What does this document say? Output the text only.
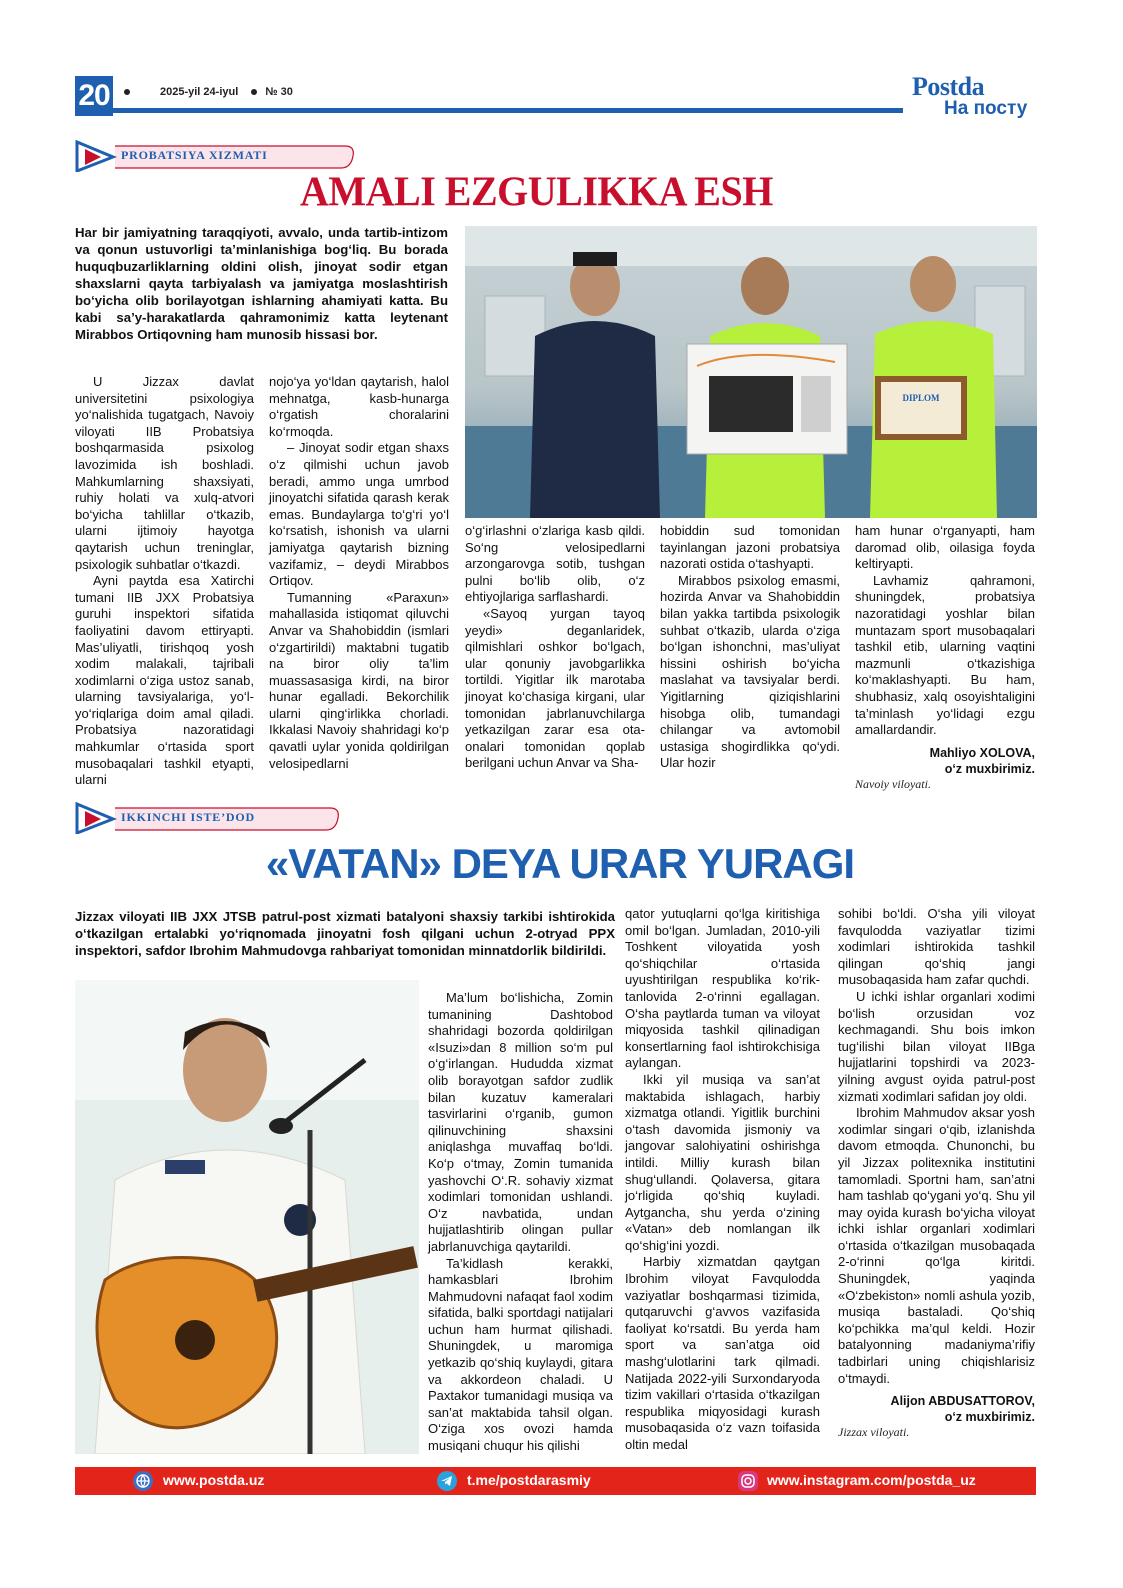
20	2025-yil 24-iyul № 30	Postda
На посту
PROBATSIYA XIZMATI
AMALI EZGULIKKA ESH
Har bir jamiyatning taraqqiyoti, avvalo, unda tartib-intizom va qonun ustuvorligi ta’minlanishiga bog‘liq. Bu borada huquqbuzarliklarning oldini olish, jinoyat sodir etgan shaxslarni qayta tarbiyalash va jamiyatga moslashtirish bo‘yicha olib borilayotgan ishlarning ahamiyati katta. Bu kabi sa’y-harakatlarda qahramonimiz katta leytenant Mirabbos Ortiqovning ham munosib hissasi bor.
DIPLOM

U Jizzax davlat universitetini psixologiya yo‘nalishida tugatgach, Navoiy viloyati IIB Probatsiya boshqarmasida psixolog lavozimida ish boshladi. Mahkumlarning shaxsiyati, ruhiy holati va xulq-atvori bo‘yicha tahlillar o‘tkazib, ularni ijtimoiy hayotga qaytarish uchun treninglar, psixologik suhbatlar o‘tkazdi.

Ayni paytda esa Xatirchi tumani IIB JXX Probatsiya guruhi inspektori sifatida faoliyatini davom ettiryapti. Mas’uliyatli, tirishqoq yosh xodim malakali, tajribali xodimlarni o‘ziga ustoz sanab, ularning tavsiyalariga, yo‘l-yo‘riqlariga doim amal qiladi. Probatsiya nazoratidagi mahkumlar o‘rtasida sport musobaqalari tashkil etyapti, ularni

nojo‘ya yo‘ldan qaytarish, halol mehnatga, kasb-hunarga o‘rgatish choralarini ko‘rmoqda.

– Jinoyat sodir etgan shaxs o‘z qilmishi uchun javob beradi, ammo unga umrbod jinoyatchi sifatida qarash kerak emas. Bundaylarga to‘g‘ri yo‘l ko‘rsatish, ishonish va ularni jamiyatga qaytarish bizning vazifamiz, – deydi Mirabbos Ortiqov.

Tumanning «Paraxun» mahallasida istiqomat qiluvchi Anvar va Shahobiddin (ismlari o‘zgartirildi) maktabni tugatib na biror oliy ta’lim muassasasiga kirdi, na biror hunar egalladi. Bekorchilik ularni qing‘irlikka chorladi. Ikkalasi Navoiy shahridagi ko‘p qavatli uylar yonida qoldirilgan velosipedlarni

o‘g‘irlashni o‘zlariga kasb qildi. So‘ng velosipedlarni arzongarovga sotib, tushgan pulni bo‘lib olib, o‘z ehtiyojlariga sarflashardi.

«Sayoq yurgan tayoq yeydi» deganlaridek, qilmishlari oshkor bo‘lgach, ular qonuniy javobgarlikka tortildi. Yigitlar ilk marotaba jinoyat ko‘chasiga kirgani, ular tomonidan jabrlanuvchilarga yetkazilgan zarar esa ota-onalari tomonidan qoplab berilgani uchun Anvar va Sha-

hobiddin sud tomonidan tayinlangan jazoni probatsiya nazorati ostida o‘tashyapti.

Mirabbos psixolog emasmi, hozirda Anvar va Shahobiddin bilan yakka tartibda psixologik suhbat o‘tkazib, ularda o‘ziga bo‘lgan ishonchni, mas’uliyat hissini oshirish bo‘yicha maslahat va tavsiyalar berdi. Yigitlarning qiziqishlarini hisobga olib, tumandagi chilangar va avtomobil ustasiga shogirdlikka qo‘ydi. Ular hozir

ham hunar o‘rganyapti, ham daromad olib, oilasiga foyda keltiryapti.

Lavhamiz qahramoni, shuningdek, probatsiya nazoratidagi yoshlar bilan muntazam sport musobaqalari tashkil etib, ularning vaqtini mazmunli o‘tkazishiga ko‘maklashyapti. Bu ham, shubhasiz, xalq osoyishtaligini ta’minlash yo‘lidagi ezgu amallardandir.

Mahliyo XOLOVA,
o‘z muxbirimiz.
Navoiy viloyati.
IKKINCHI ISTE’DOD
«VATAN» DEYA URAR YURAGI
Jizzax viloyati IIB JXX JTSB patrul-post xizmati batalyoni shaxsiy tarkibi ishtirokida o‘tkazilgan ertalabki yo‘riqnomada jinoyatni fosh qilgani uchun 2-otryad PPX inspektori, safdor Ibrohim Mahmudovga rahbariyat tomonidan minnatdorlik bildirildi.

Ma’lum bo‘lishicha, Zomin tumanining Dashtobod shahridagi bozorda qoldirilgan «Isuzi»dan 8 million so‘m pul o‘g‘irlangan. Hududda xizmat olib borayotgan safdor zudlik bilan kuzatuv kameralari tasvirlarini o‘rganib, gumon qilinuvchining shaxsini aniqlashga muvaffaq bo‘ldi. Ko‘p o‘tmay, Zomin tumanida yashovchi O‘.R. sohaviy xizmat xodimlari tomonidan ushlandi. O‘z navbatida, undan hujjatlashtirib olingan pullar jabrlanuvchiga qaytarildi.

Ta’kidlash kerakki, hamkasblari Ibrohim Mahmudovni nafaqat faol xodim sifatida, balki sportdagi natijalari uchun ham hurmat qilishadi. Shuningdek, u maromiga yetkazib qo‘shiq kuylaydi, gitara va akkordeon chaladi. U Paxtakor tumanidagi musiqa va san’at maktabida tahsil olgan. O‘ziga xos ovozi hamda musiqani chuqur his qilishi

qator yutuqlarni qo‘lga kiritishiga omil bo‘lgan. Jumladan, 2010-yili Toshkent viloyatida yosh qo‘shiqchilar o‘rtasida uyushtirilgan respublika ko‘rik-tanlovida 2-o‘rinni egallagan. O‘sha paytlarda tuman va viloyat miqyosida tashkil qilinadigan konsertlarning faol ishtirokchisiga aylangan.

Ikki yil musiqa va san’at maktabida ishlagach, harbiy xizmatga otlandi. Yigitlik burchini o‘tash davomida jismoniy va jangovar salohiyatini oshirishga intildi. Milliy kurash bilan shug‘ullandi. Qolaversa, gitara jo‘rligida qo‘shiq kuyladi. Aytgancha, shu yerda o‘zining «Vatan» deb nomlangan ilk qo‘shig‘ini yozdi.

Harbiy xizmatdan qaytgan Ibrohim viloyat Favqulodda vaziyatlar boshqarmasi tizimida, qutqaruvchi g‘avvos vazifasida faoliyat ko‘rsatdi. Bu yerda ham sport va san’atga oid mashg‘ulotlarini tark qilmadi. Natijada 2022-yili Surxondaryoda tizim vakillari o‘rtasida o‘tkazilgan respublika miqyosidagi kurash musobaqasida o‘z vazn toifasida oltin medal

sohibi bo‘ldi. O‘sha yili viloyat favqulodda vaziyatlar tizimi xodimlari ishtirokida tashkil qilingan qo‘shiq jangi musobaqasida ham zafar quchdi.

U ichki ishlar organlari xodimi bo‘lish orzusidan voz kechmagandi. Shu bois imkon tug‘ilishi bilan viloyat IIBga hujjatlarini topshirdi va 2023-yilning avgust oyida patrul-post xizmati xodimlari safidan joy oldi.

Ibrohim Mahmudov aksar yosh xodimlar singari o‘qib, izlanishda davom etmoqda. Chunonchi, bu yil Jizzax politexnika institutini tamomladi. Sportni ham, san’atni ham tashlab qo‘ygani yo‘q. Shu yil may oyida kurash bo‘yicha viloyat ichki ishlar organlari xodimlari o‘rtasida o‘tkazilgan musobaqada 2-o‘rinni qo‘lga kiritdi. Shuningdek, yaqinda «O‘zbekiston» nomli ashula yozib, musiqa bastaladi. Qo‘shiq ko‘pchikka ma’qul keldi. Hozir batalyonning madaniyma’rifiy tadbirlari uning chiqishlarisiz o‘tmaydi.

Alijon ABDUSATTOROV,
o‘z muxbirimiz.
Jizzax viloyati.
www.postda.uz	t.me/postdarasmiy	www.instagram.com/postda_uz
